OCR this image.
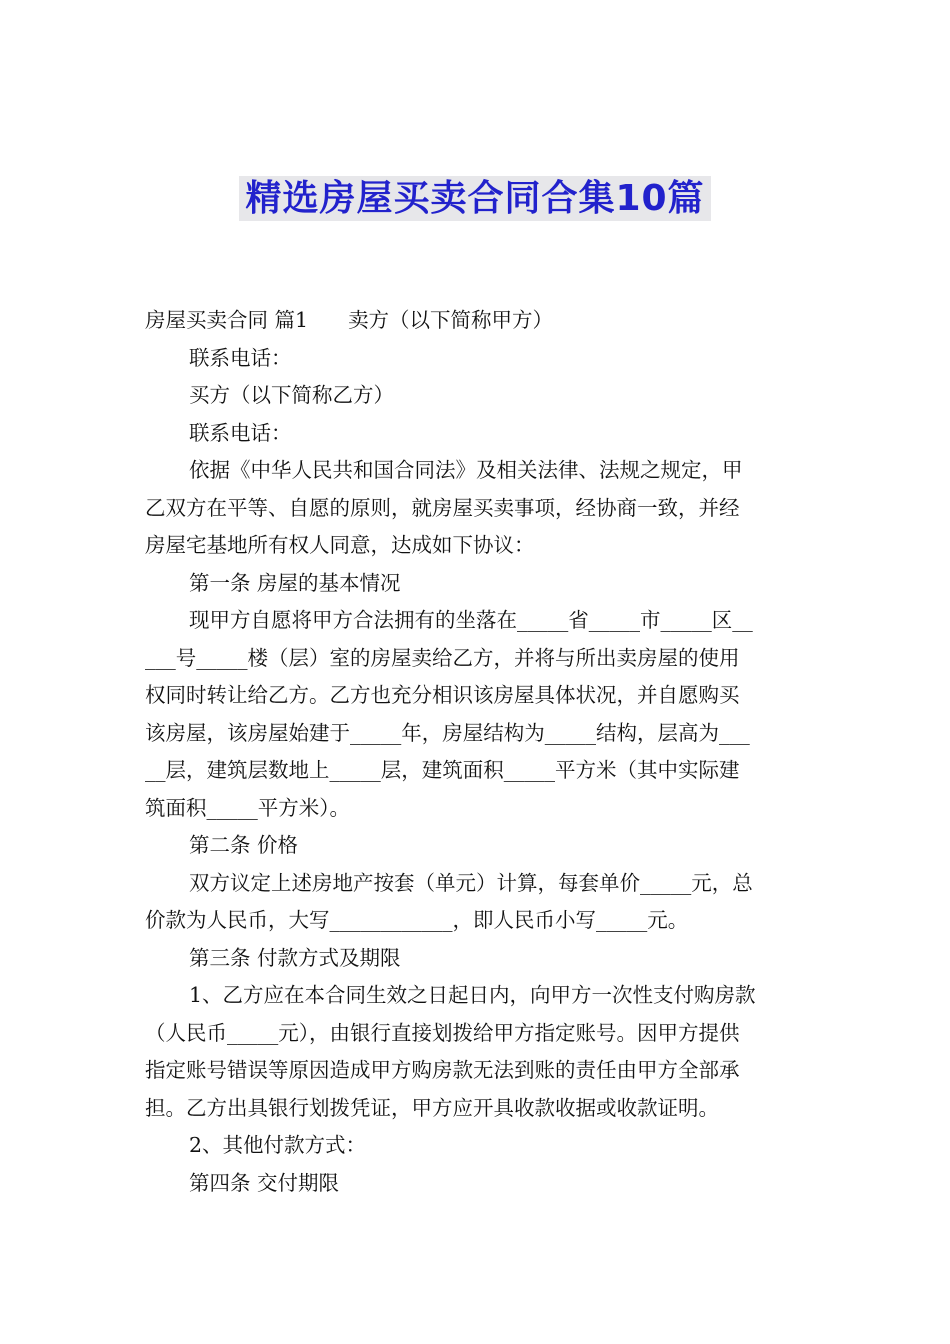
精选房屋买卖合同合集10篇
房屋买卖合同 篇1 卖方（以下简称甲方）
联系电话：
买方（以下简称乙方）
联系电话：
依据《中华人民共和国合同法》及相关法律、法规之规定，甲
乙双方在平等、自愿的原则，就房屋买卖事项，经协商一致，并经
房屋宅基地所有权人同意，达成如下协议：
第一条 房屋的基本情况
现甲方自愿将甲方合法拥有的坐落在_____省_____市_____区__
___号_____楼（层）室的房屋卖给乙方，并将与所出卖房屋的使用
权同时转让给乙方。乙方也充分相识该房屋具体状况，并自愿购买
该房屋，该房屋始建于_____年，房屋结构为_____结构，层高为___
__层，建筑层数地上_____层，建筑面积_____平方米（其中实际建
筑面积_____平方米）。
第二条 价格
双方议定上述房地产按套（单元）计算，每套单价_____元，总
价款为人民币，大写____________，即人民币小写_____元。
第三条 付款方式及期限
1、乙方应在本合同生效之日起日内，向甲方一次性支付购房款
（人民币_____元），由银行直接划拨给甲方指定账号。因甲方提供
指定账号错误等原因造成甲方购房款无法到账的责任由甲方全部承
担。乙方出具银行划拨凭证，甲方应开具收款收据或收款证明。
2、其他付款方式：
第四条 交付期限
